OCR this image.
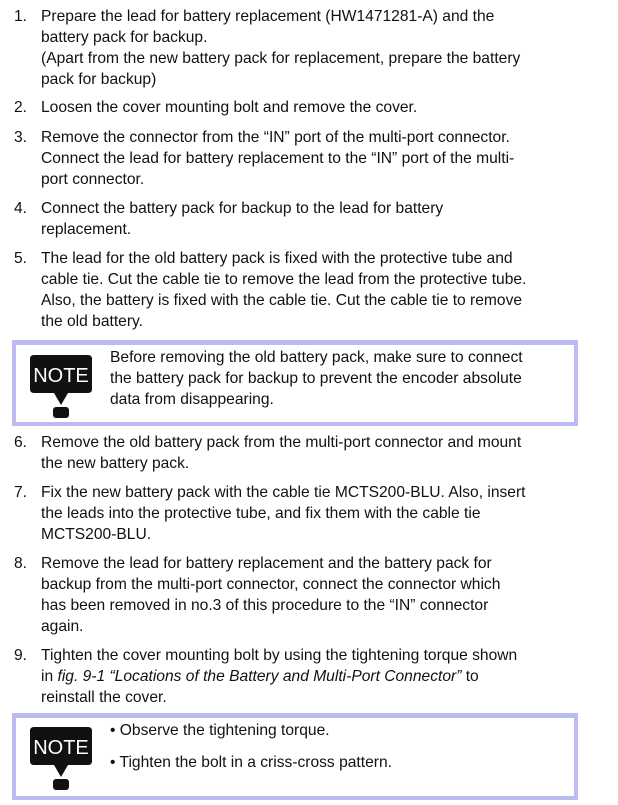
1. Prepare the lead for battery replacement (HW1471281-A) and the
battery pack for backup.
(Apart from the new battery pack for replacement, prepare the battery
pack for backup)
2. Loosen the cover mounting bolt and remove the cover.
3. Remove the connector from the “IN” port of the multi-port connector.
Connect the lead for battery replacement to the “IN” port of the multi-
port connector.
4. Connect the battery pack for backup to the lead for battery
replacement.
5. The lead for the old battery pack is fixed with the protective tube and
cable tie. Cut the cable tie to remove the lead from the protective tube.
Also, the battery is fixed with the cable tie. Cut the cable tie to remove
the old battery.
NOTE
Before removing the old battery pack, make sure to connect
the battery pack for backup to prevent the encoder absolute
data from disappearing.
6. Remove the old battery pack from the multi-port connector and mount
the new battery pack.
7. Fix the new battery pack with the cable tie MCTS200-BLU. Also, insert
the leads into the protective tube, and fix them with the cable tie
MCTS200-BLU.
8. Remove the lead for battery replacement and the battery pack for
backup from the multi-port connector, connect the connector which
has been removed in no.3 of this procedure to the “IN” connector
again.
9. Tighten the cover mounting bolt by using the tightening torque shown
in fig. 9-1 “Locations of the Battery and Multi-Port Connector” to
reinstall the cover.
NOTE
• Observe the tightening torque.
• Tighten the bolt in a criss-cross pattern.
